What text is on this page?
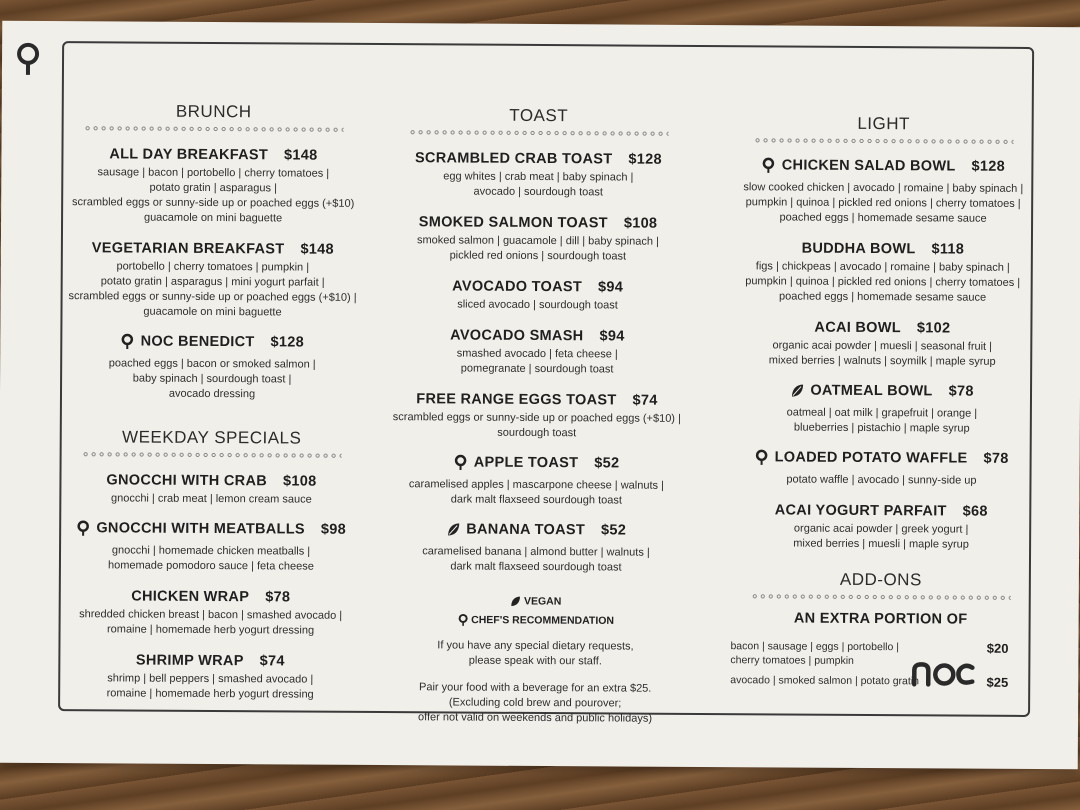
BRUNCH
ALL DAY BREAKFAST $148
sausage | bacon | portobello | cherry tomatoes |
potato gratin | asparagus |
scrambled eggs or sunny-side up or poached eggs (+$10)
guacamole on mini baguette
VEGETARIAN BREAKFAST $148
portobello | cherry tomatoes | pumpkin |
potato gratin | asparagus | mini yogurt parfait |
scrambled eggs or sunny-side up or poached eggs (+$10) |
guacamole on mini baguette
NOC BENEDICT $128
poached eggs | bacon or smoked salmon |
baby spinach | sourdough toast |
avocado dressing
WEEKDAY SPECIALS
GNOCCHI WITH CRAB $108
gnocchi | crab meat | lemon cream sauce
GNOCCHI WITH MEATBALLS $98
gnocchi | homemade chicken meatballs |
homemade pomodoro sauce | feta cheese
CHICKEN WRAP $78
shredded chicken breast | bacon | smashed avocado |
romaine | homemade herb yogurt dressing
SHRIMP WRAP $74
shrimp | bell peppers | smashed avocado |
romaine | homemade herb yogurt dressing
TOAST
SCRAMBLED CRAB TOAST $128
egg whites | crab meat | baby spinach |
avocado | sourdough toast
SMOKED SALMON TOAST $108
smoked salmon | guacamole | dill | baby spinach |
pickled red onions | sourdough toast
AVOCADO TOAST $94
sliced avocado | sourdough toast
AVOCADO SMASH $94
smashed avocado | feta cheese |
pomegranate | sourdough toast
FREE RANGE EGGS TOAST $74
scrambled eggs or sunny-side up or poached eggs (+$10) |
sourdough toast
APPLE TOAST $52
caramelised apples | mascarpone cheese | walnuts |
dark malt flaxseed sourdough toast
BANANA TOAST $52
caramelised banana | almond butter | walnuts |
dark malt flaxseed sourdough toast
VEGAN
CHEF'S RECOMMENDATION
If you have any special dietary requests,
please speak with our staff.
Pair your food with a beverage for an extra $25.
(Excluding cold brew and pourover;
offer not valid on weekends and public holidays)
LIGHT
CHICKEN SALAD BOWL $128
slow cooked chicken | avocado | romaine | baby spinach |
pumpkin | quinoa | pickled red onions | cherry tomatoes |
poached eggs | homemade sesame sauce
BUDDHA BOWL $118
figs | chickpeas | avocado | romaine | baby spinach |
pumpkin | quinoa | pickled red onions | cherry tomatoes |
poached eggs | homemade sesame sauce
ACAI BOWL $102
organic acai powder | muesli | seasonal fruit |
mixed berries | walnuts | soymilk | maple syrup
OATMEAL BOWL $78
oatmeal | oat milk | grapefruit | orange |
blueberries | pistachio | maple syrup
LOADED POTATO WAFFLE $78
potato waffle | avocado | sunny-side up
ACAI YOGURT PARFAIT $68
organic acai powder | greek yogurt |
mixed berries | muesli | maple syrup
ADD-ONS
AN EXTRA PORTION OF
bacon | sausage | eggs | portobello |
cherry tomatoes | pumpkin
$20
avocado | smoked salmon | potato gratin	$25
